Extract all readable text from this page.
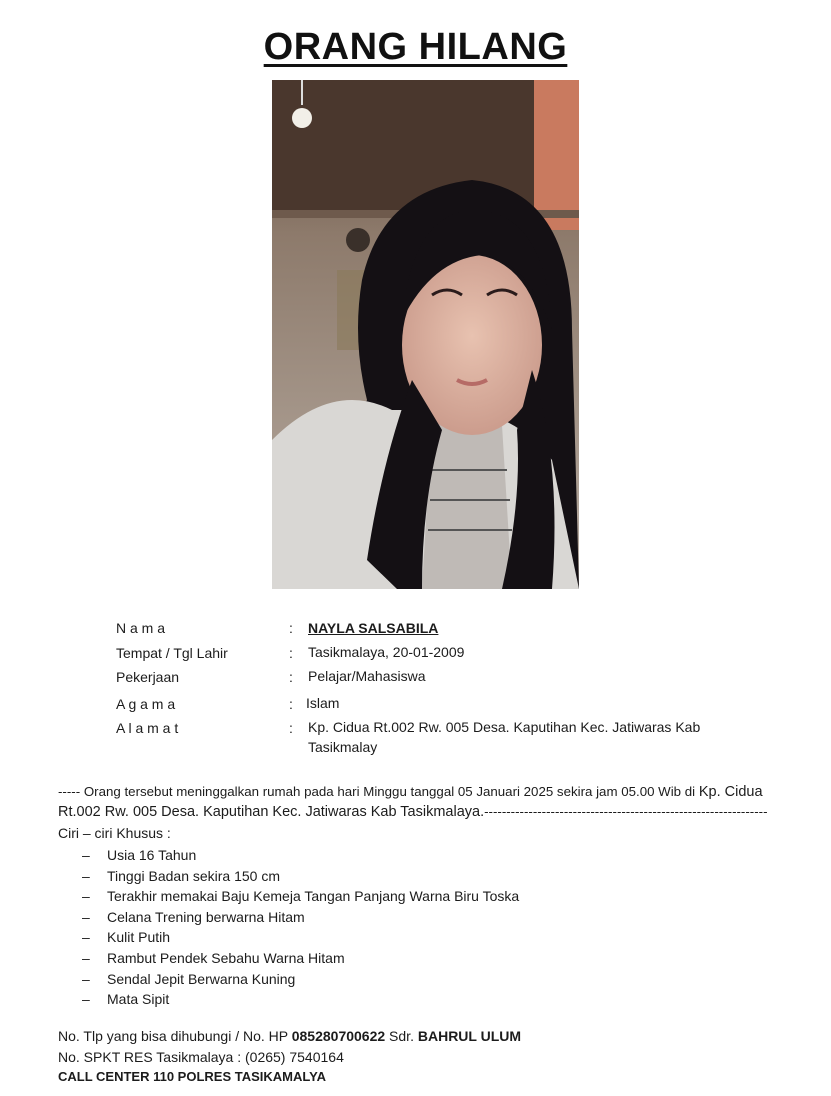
ORANG HILANG
N a m a	: NAYLA SALSABILA
Tempat / Tgl Lahir	: Tasikmalaya, 20-01-2009
Pekerjaan	: Pelajar/Mahasiswa
A g a m a	: Islam
A l a m a t	: Kp. Cidua Rt.002 Rw. 005 Desa. Kaputihan Kec. Jatiwaras Kab Tasikmalay
----- Orang tersebut meninggalkan rumah pada hari Minggu tanggal 05 Januari 2025 sekira jam 05.00 Wib di Kp. Cidua Rt.002 Rw. 005 Desa. Kaputihan Kec. Jatiwaras Kab Tasikmalaya.----------------------------------------------------------------
Ciri – ciri Khusus :
– Usia 16 Tahun
– Tinggi Badan sekira 150 cm
– Terakhir memakai Baju Kemeja Tangan Panjang Warna Biru Toska
– Celana Trening berwarna Hitam
– Kulit Putih
– Rambut Pendek Sebahu Warna Hitam
– Sendal Jepit Berwarna Kuning
– Mata Sipit
No. Tlp yang bisa dihubungi / No. HP 085280700622 Sdr. BAHRUL ULUM
No. SPKT RES Tasikmalaya : (0265) 7540164
CALL CENTER 110 POLRES TASIKAMALYA
